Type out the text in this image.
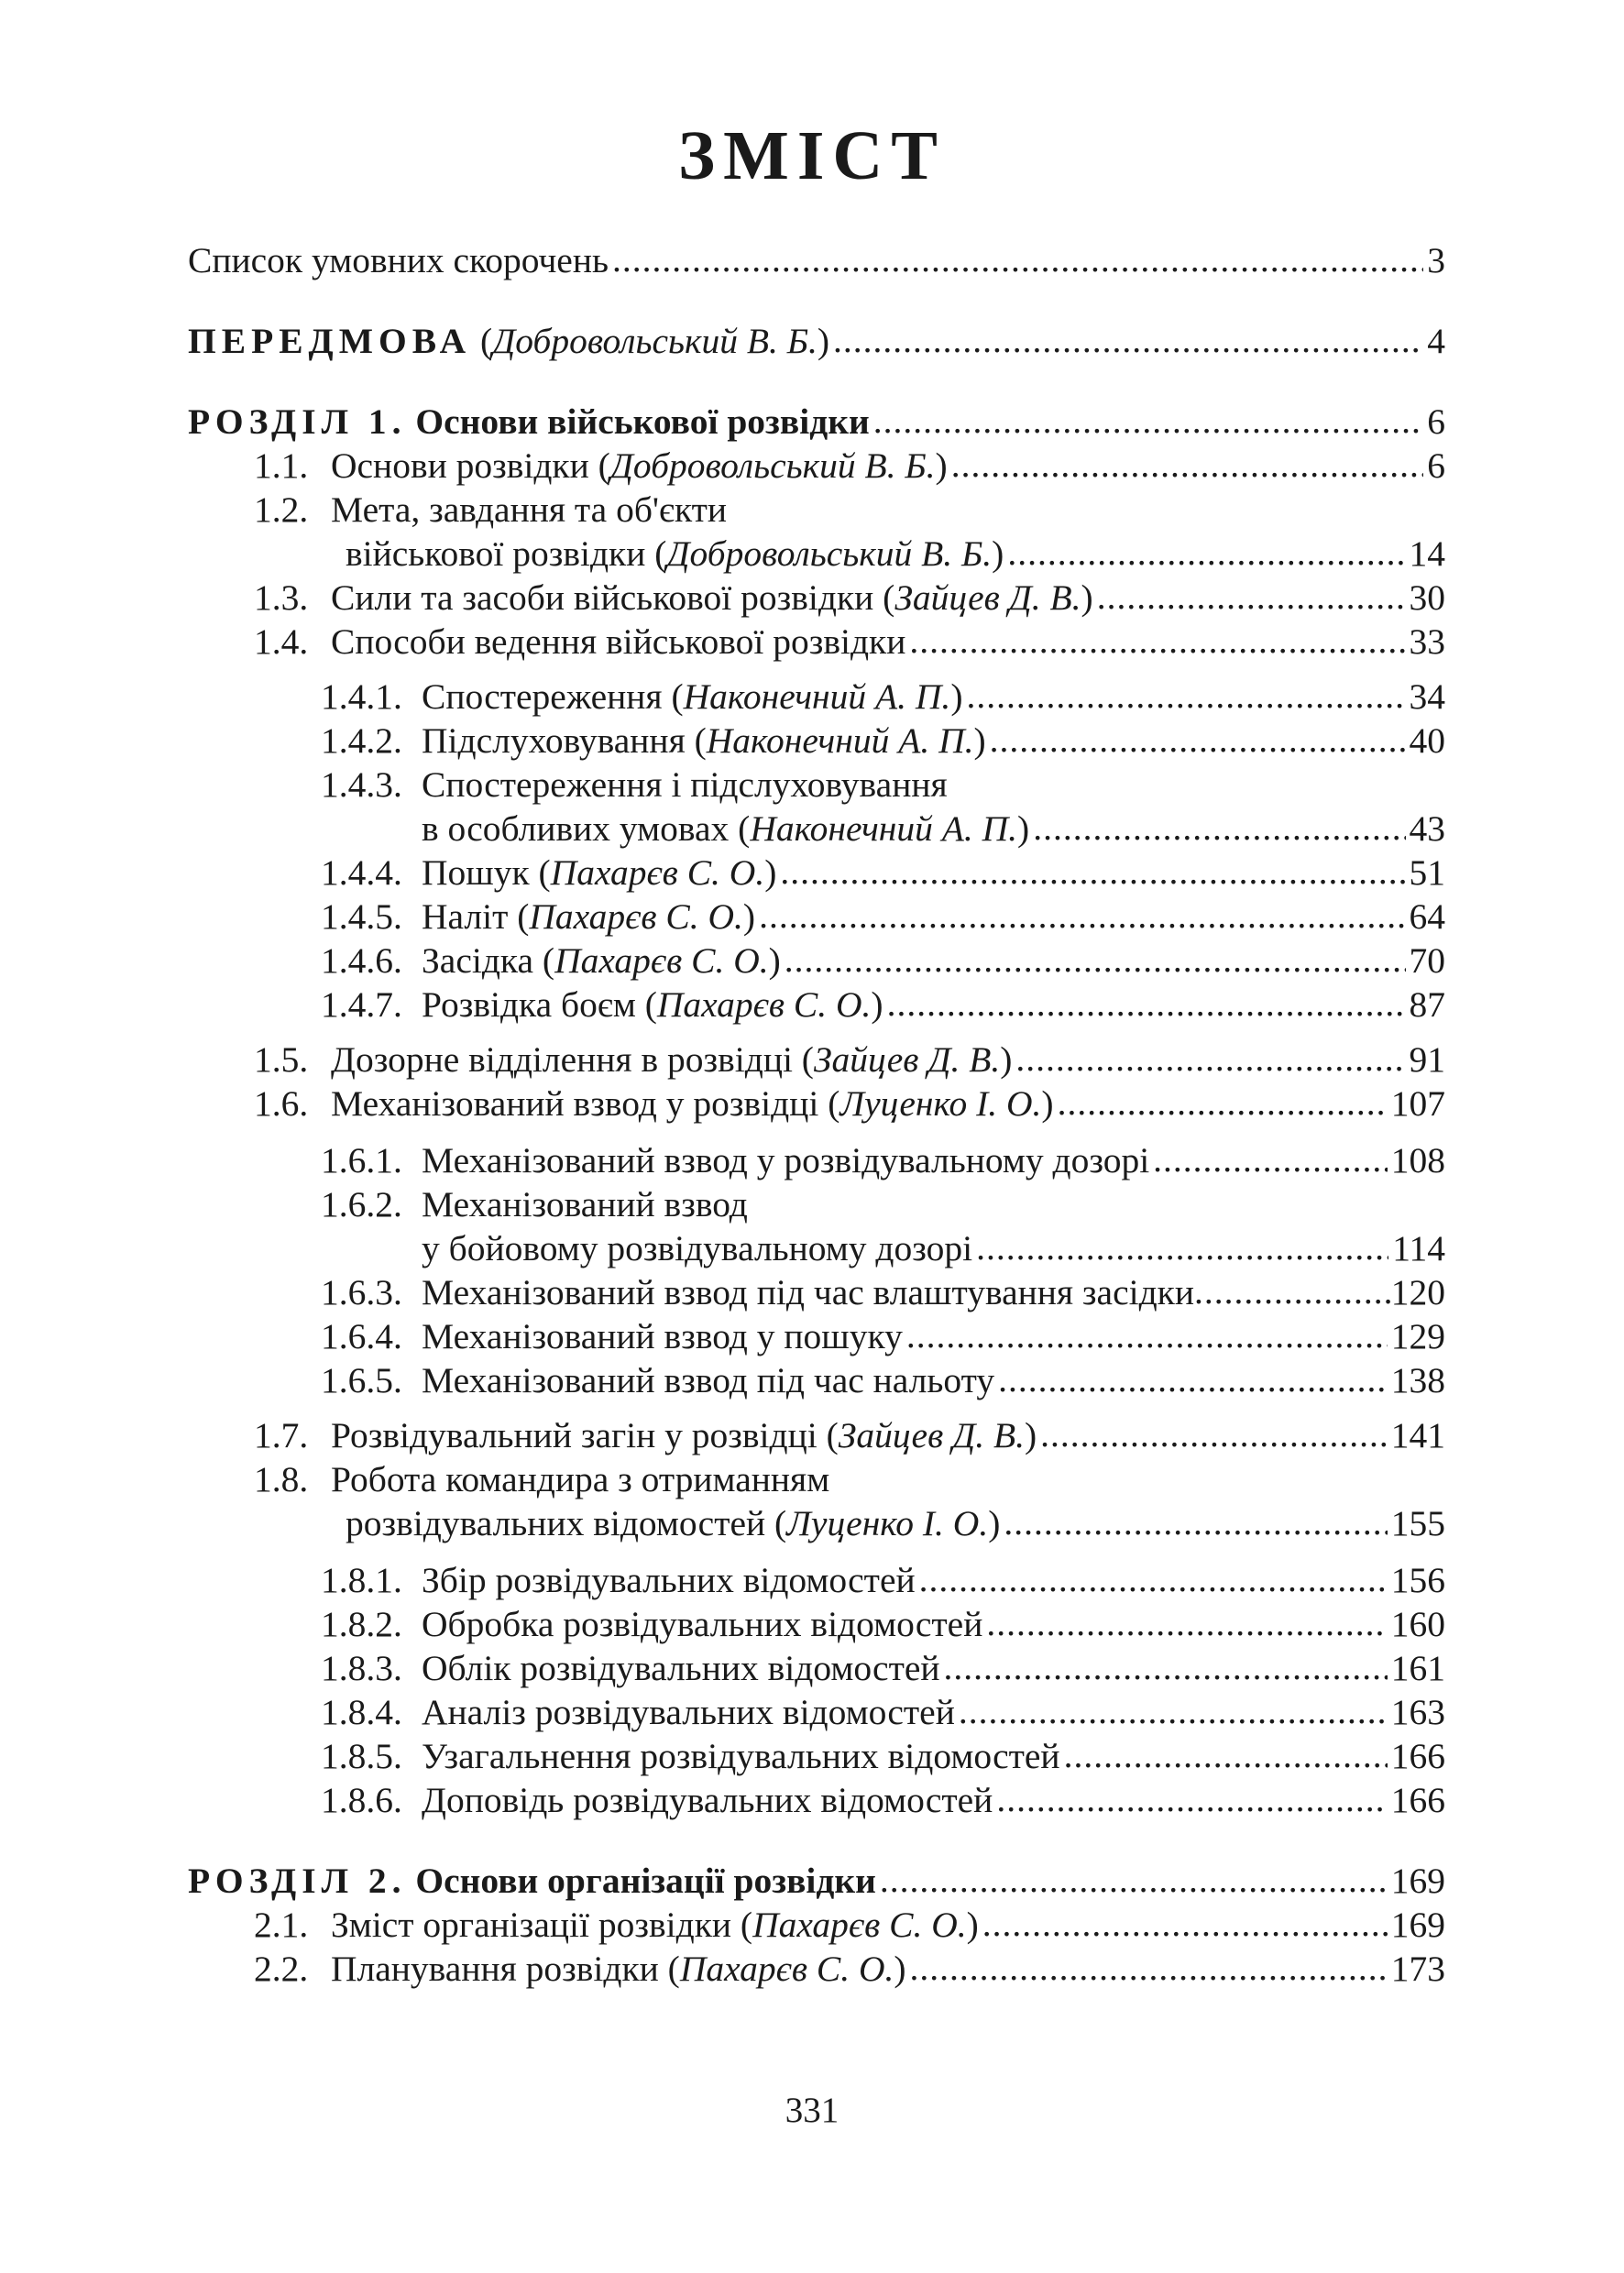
ЗМІСТ
Список умовних скорочень .....	3
ПЕРЕДМОВА (Добровольський В. Б.) .....	4
РОЗДІЛ 1. Основи військової розвідки .....	6
1.1. Основи розвідки (Добровольський В. Б.) .....	6
1.2. Мета, завдання та об'єкти
військової розвідки (Добровольський В. Б.) .....	14
1.3. Сили та засоби військової розвідки (Зайцев Д. В.) .....	30
1.4. Способи ведення військової розвідки .....	33
1.4.1. Спостереження (Наконечний А. П.) .....	34
1.4.2. Підслуховування (Наконечний А. П.) .....	40
1.4.3. Спостереження і підслуховування
в особливих умовах (Наконечний А. П.) .....	43
1.4.4. Пошук (Пахарєв С. О.) .....	51
1.4.5. Наліт (Пахарєв С. О.) .....	64
1.4.6. Засідка (Пахарєв С. О.) .....	70
1.4.7. Розвідка боєм (Пахарєв С. О.) .....	87
1.5. Дозорне відділення в розвідці (Зайцев Д. В.) .....	91
1.6. Механізований взвод у розвідці (Луценко І. О.) .....	107
1.6.1. Механізований взвод у розвідувальному дозорі .....	108
1.6.2. Механізований взвод
у бойовому розвідувальному дозорі .....	114
1.6.3. Механізований взвод під час влаштування засідки .....	120
1.6.4. Механізований взвод у пошуку .....	129
1.6.5. Механізований взвод під час нальоту .....	138
1.7. Розвідувальний загін у розвідці (Зайцев Д. В.) .....	141
1.8. Робота командира з отриманням
розвідувальних відомостей (Луценко І. О.) .....	155
1.8.1. Збір розвідувальних відомостей .....	156
1.8.2. Обробка розвідувальних відомостей .....	160
1.8.3. Облік розвідувальних відомостей .....	161
1.8.4. Аналіз розвідувальних відомостей .....	163
1.8.5. Узагальнення розвідувальних відомостей .....	166
1.8.6. Доповідь розвідувальних відомостей .....	166
РОЗДІЛ 2. Основи організації розвідки .....	169
2.1. Зміст організації розвідки (Пахарєв С. О.) .....	169
2.2. Планування розвідки (Пахарєв С. О.) .....	173
331
